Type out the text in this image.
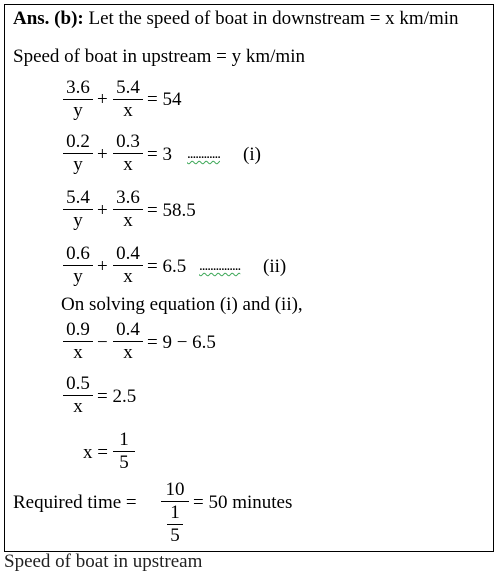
Ans. (b): Let the speed of boat in downstream = x km/min
Speed of boat in upstream = y km/min
$\frac{3.6}{y} + \frac{5.4}{x} = 54$
$\frac{0.2}{y} + \frac{0.3}{x} = 3$ ............ (i)
$\frac{5.4}{y} + \frac{3.6}{x} = 58.5$
$\frac{0.6}{y} + \frac{0.4}{x} = 6.5$ ............... (ii)
On solving equation (i) and (ii),
$\frac{0.9}{x} - \frac{0.4}{x} = 9 - 6.5$
$\frac{0.5}{x} = 2.5$
$x = \frac{1}{5}$
Required time = 10
1
5 = 50 minutes
Speed of boat in upstream
